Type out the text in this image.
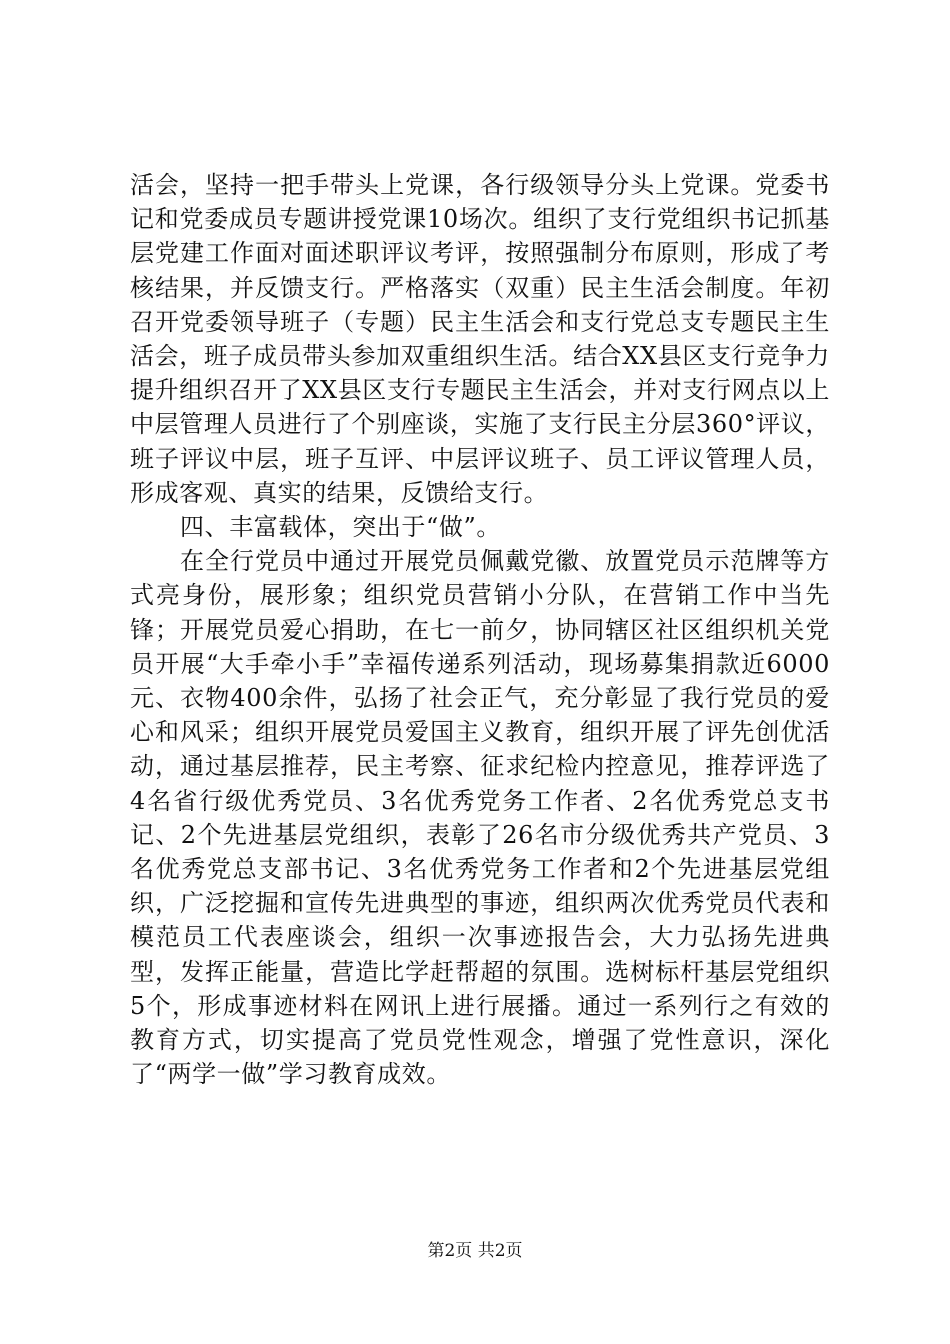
活会，坚持一把手带头上党课，各行级领导分头上党课。党委书记和党委成员专题讲授党课10场次。组织了支行党组织书记抓基层党建工作面对面述职评议考评，按照强制分布原则，形成了考核结果，并反馈支行。严格落实（双重）民主生活会制度。年初召开党委领导班子（专题）民主生活会和支行党总支专题民主生活会，班子成员带头参加双重组织生活。结合XX县区支行竞争力提升组织召开了XX县区支行专题民主生活会，并对支行网点以上中层管理人员进行了个别座谈，实施了支行民主分层360°评议，班子评议中层，班子互评、中层评议班子、员工评议管理人员，形成客观、真实的结果，反馈给支行。

四、丰富载体，突出于“做”。

在全行党员中通过开展党员佩戴党徽、放置党员示范牌等方式亮身份，展形象；组织党员营销小分队，在营销工作中当先锋；开展党员爱心捐助，在七一前夕，协同辖区社区组织机关党员开展“大手牵小手”幸福传递系列活动，现场募集捐款近6000元、衣物400余件，弘扬了社会正气，充分彰显了我行党员的爱心和风采；组织开展党员爱国主义教育，组织开展了评先创优活动，通过基层推荐，民主考察、征求纪检内控意见，推荐评选了4名省行级优秀党员、3名优秀党务工作者、2名优秀党总支书记、2个先进基层党组织，表彰了26名市分级优秀共产党员、3名优秀党总支部书记、3名优秀党务工作者和2个先进基层党组织，广泛挖掘和宣传先进典型的事迹，组织两次优秀党员代表和模范员工代表座谈会，组织一次事迹报告会，大力弘扬先进典型，发挥正能量，营造比学赶帮超的氛围。选树标杆基层党组织5个，形成事迹材料在网讯上进行展播。通过一系列行之有效的教育方式，切实提高了党员党性观念，增强了党性意识，深化了“两学一做”学习教育成效。

第2页 共2页
